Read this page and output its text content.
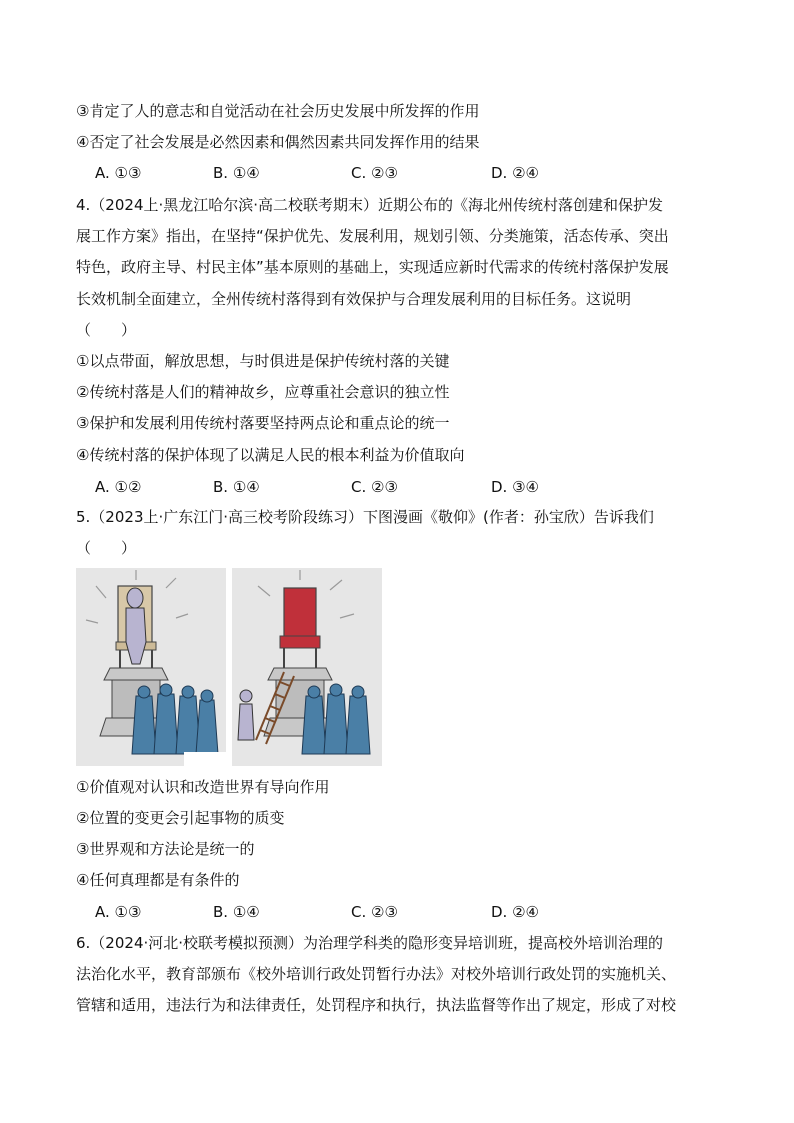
③肯定了人的意志和自觉活动在社会历史发展中所发挥的作用
④否定了社会发展是必然因素和偶然因素共同发挥作用的结果
A. ①③	B. ①④	C. ②③	D. ②④
4.（2024上·黑龙江哈尔滨·高二校联考期末）近期公布的《海北州传统村落创建和保护发
展工作方案》指出，在坚持“保护优先、发展利用，规划引领、分类施策，活态传承、突出
特色，政府主导、村民主体”基本原则的基础上，实现适应新时代需求的传统村落保护发展
长效机制全面建立，全州传统村落得到有效保护与合理发展利用的目标任务。这说明
（　　）
①以点带面，解放思想，与时俱进是保护传统村落的关键
②传统村落是人们的精神故乡，应尊重社会意识的独立性
③保护和发展利用传统村落要坚持两点论和重点论的统一
④传统村落的保护体现了以满足人民的根本利益为价值取向
A. ①②	B. ①④	C. ②③	D. ③④
5.（2023上·广东江门·高三校考阶段练习）下图漫画《敬仰》(作者：孙宝欣）告诉我们
（　　）
①价值观对认识和改造世界有导向作用
②位置的变更会引起事物的质变
③世界观和方法论是统一的
④任何真理都是有条件的
A. ①③	B. ①④	C. ②③	D. ②④
6.（2024·河北·校联考模拟预测）为治理学科类的隐形变异培训班，提高校外培训治理的
法治化水平，教育部颁布《校外培训行政处罚暂行办法》对校外培训行政处罚的实施机关、
管辖和适用，违法行为和法律责任，处罚程序和执行，执法监督等作出了规定，形成了对校
